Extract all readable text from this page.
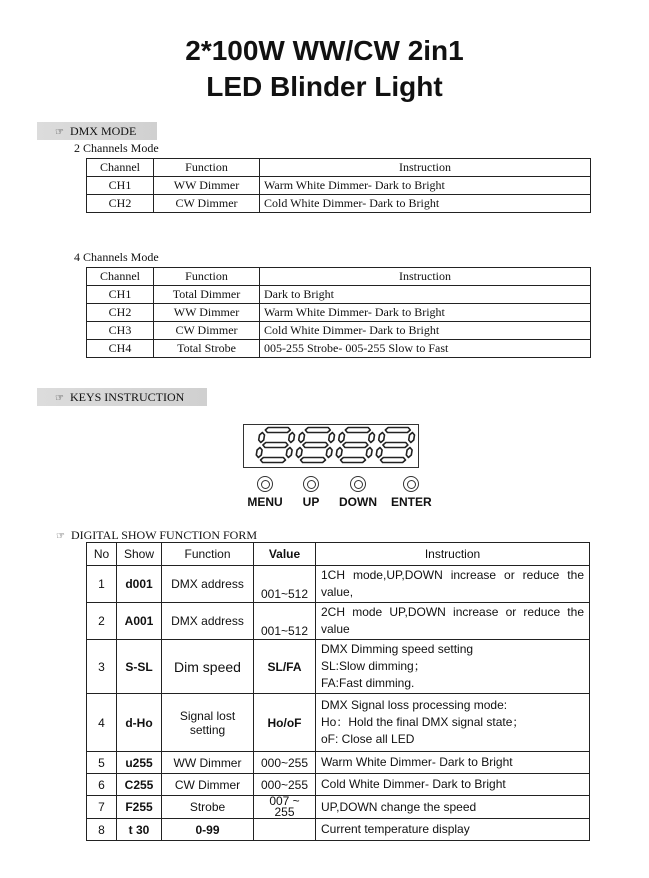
2*100W WW/CW 2in1
LED Blinder Light
☞ DMX MODE
2 Channels Mode
Channel	Function	Instruction
CH1	WW Dimmer	Warm White Dimmer- Dark to Bright
CH2	CW Dimmer	Cold White Dimmer- Dark to Bright
4 Channels Mode
Channel	Function	Instruction
CH1	Total Dimmer	Dark to Bright
CH2	WW Dimmer	Warm White Dimmer- Dark to Bright
CH3	CW Dimmer	Cold White Dimmer- Dark to Bright
CH4	Total Strobe	005-255 Strobe- 005-255 Slow to Fast
☞ KEYS INSTRUCTION
MENU	UP	DOWN ENTER
☞ DIGITAL SHOW FUNCTION FORM
No	Show	Function	Value	Instruction
1	d001	DMX address	001~512	1CH mode,UP,DOWN increase or reduce the value,

2	A001	DMX address	001~512	2CH mode UP,DOWN increase or reduce the value

3	S-SL	Dim speed	SL/FA	DMX Dimming speed setting
SL:Slow dimming；
FA:Fast dimming.

4	d-Ho	Signal lost setting	Ho/oF	DMX Signal loss processing mode:
Ho：Hold the final DMX signal state；
oF: Close all LED

5	u255	WW Dimmer	000~255	Warm White Dimmer- Dark to Bright

6	C255	CW Dimmer	000~255	Cold White Dimmer- Dark to Bright

7	F255	Strobe	007 ~ 255	UP,DOWN change the speed

8	t 30	0-99		Current temperature display
